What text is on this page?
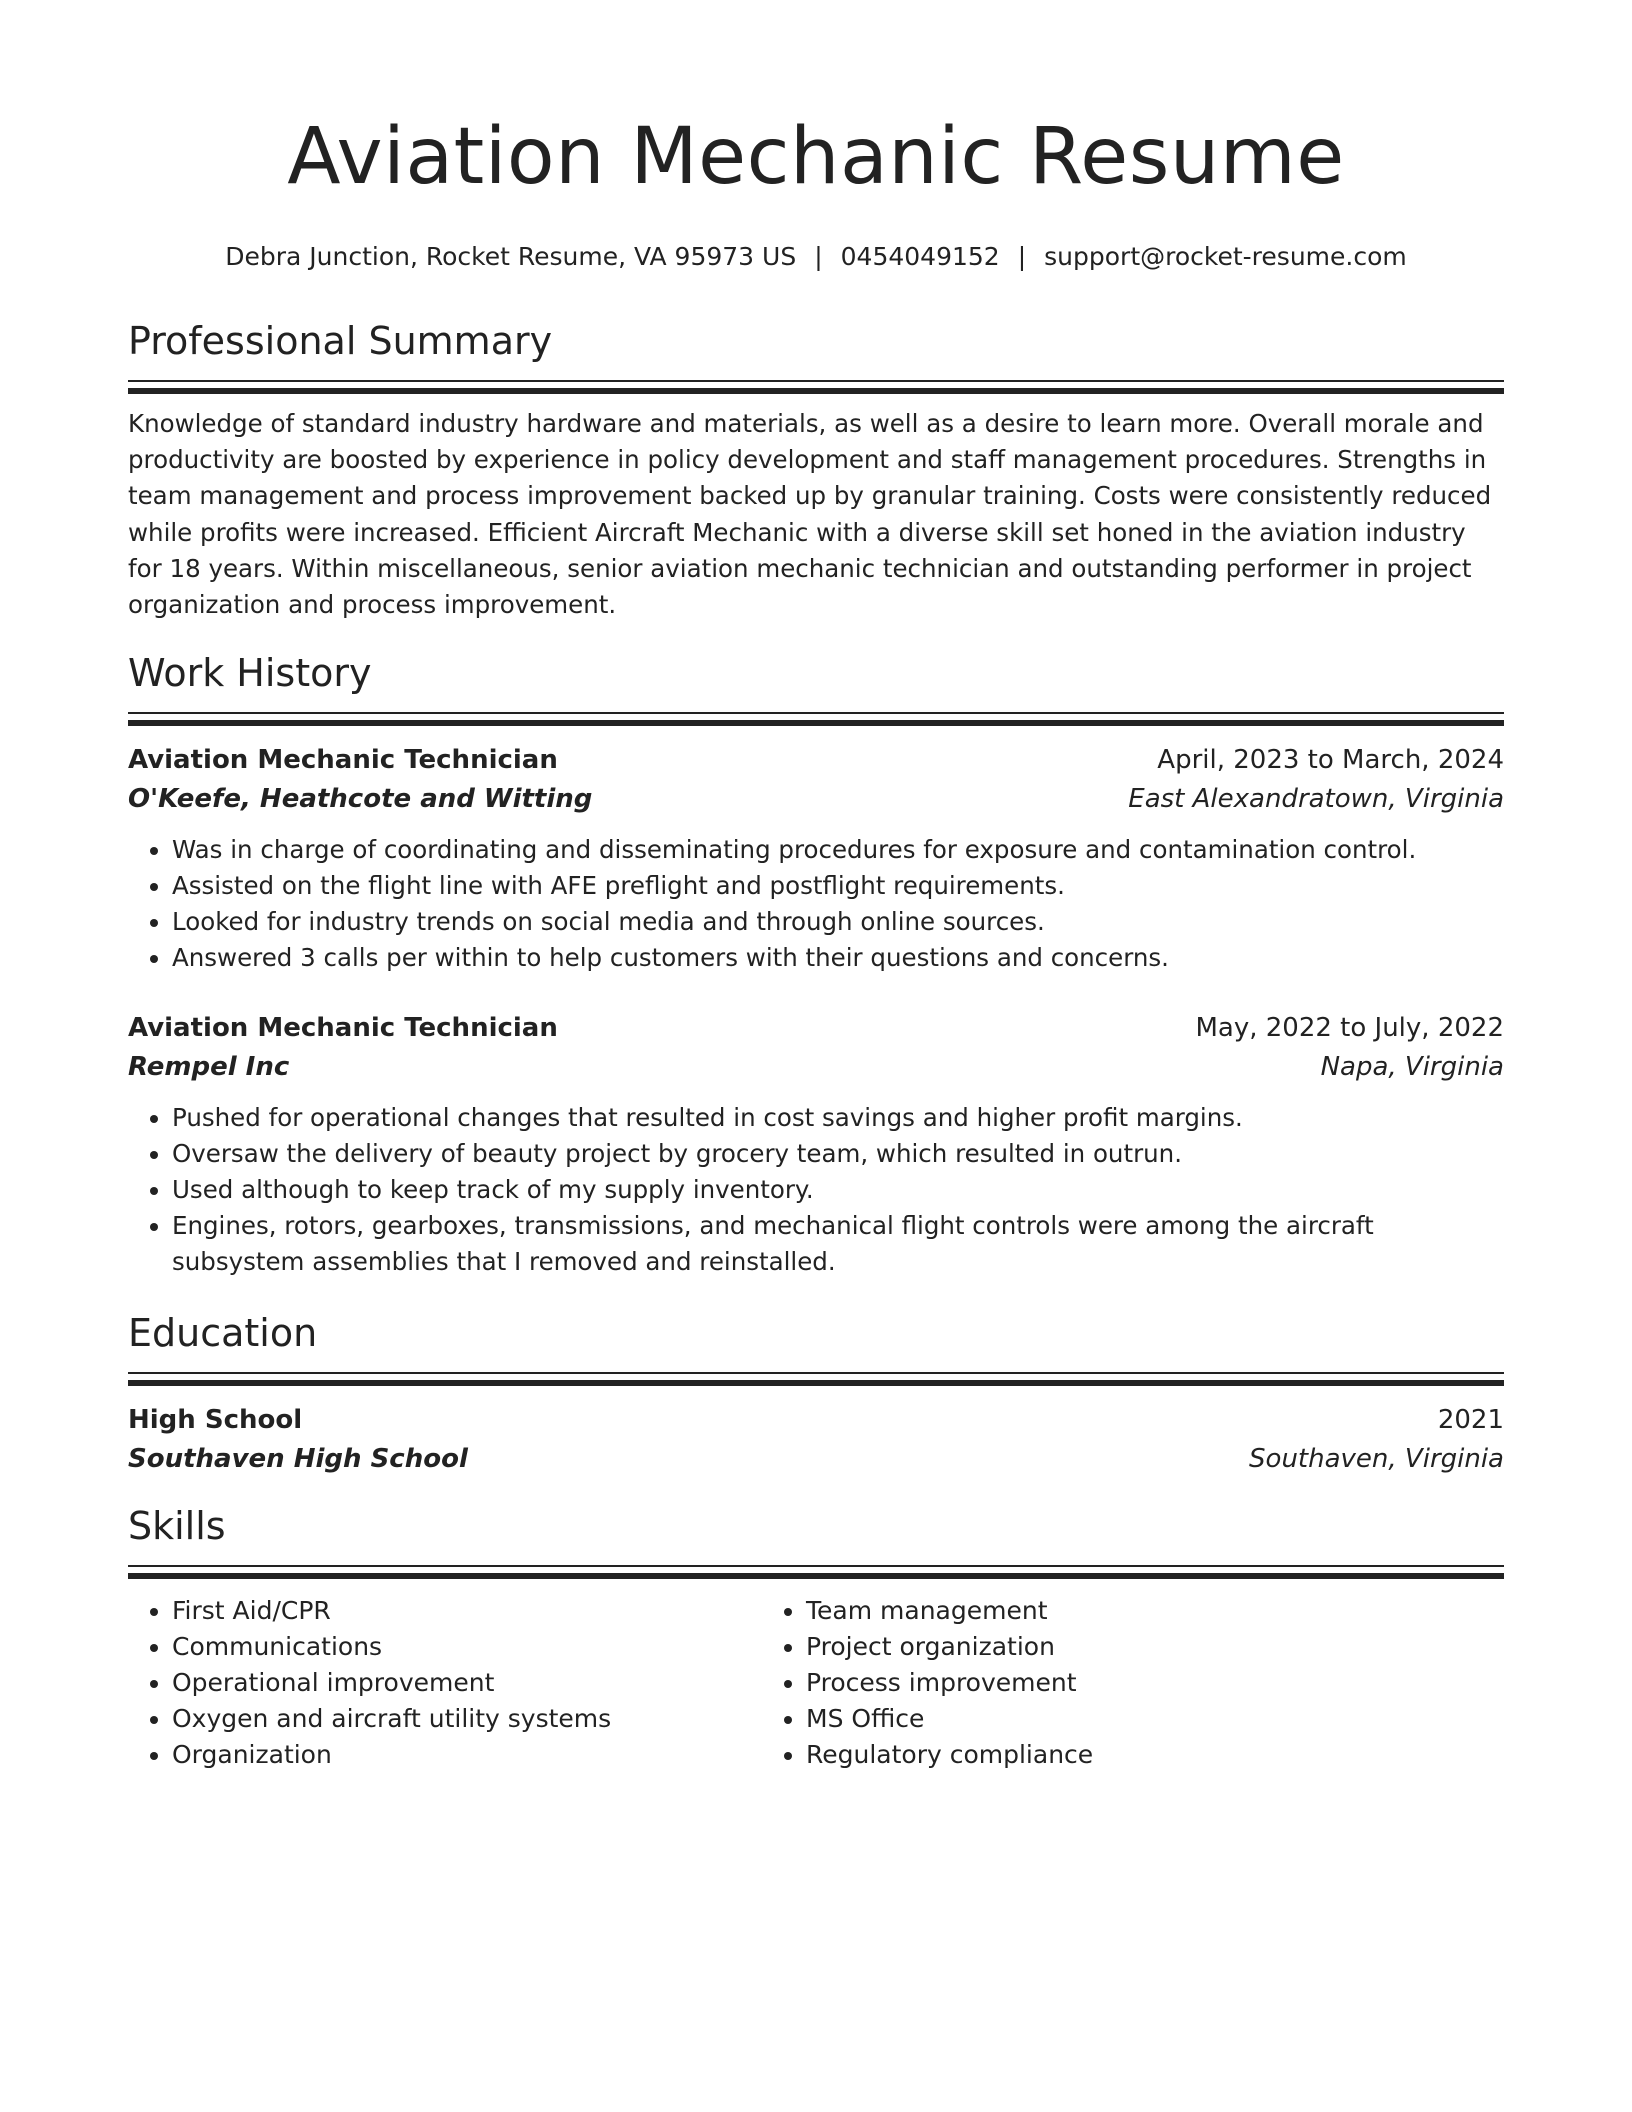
Aviation Mechanic Resume
Debra Junction, Rocket Resume, VA 95973 US | 0454049152 | support@rocket-resume.com
Professional Summary

Knowledge of standard industry hardware and materials, as well as a desire to learn more. Overall morale and productivity are boosted by experience in policy development and staff management procedures. Strengths in team management and process improvement backed up by granular training. Costs were consistently reduced while profits were increased. Efficient Aircraft Mechanic with a diverse skill set honed in the aviation industry for 18 years. Within miscellaneous, senior aviation mechanic technician and outstanding performer in project organization and process improvement.

Work History
Aviation Mechanic Technician	April, 2023 to March, 2024
O'Keefe, Heathcote and Witting	East Alexandratown, Virginia
• Was in charge of coordinating and disseminating procedures for exposure and contamination control.
• Assisted on the flight line with AFE preflight and postflight requirements.
• Looked for industry trends on social media and through online sources.
• Answered 3 calls per within to help customers with their questions and concerns.
Aviation Mechanic Technician	May, 2022 to July, 2022
Rempel Inc	Napa, Virginia
• Pushed for operational changes that resulted in cost savings and higher profit margins.
• Oversaw the delivery of beauty project by grocery team, which resulted in outrun.
• Used although to keep track of my supply inventory.
• Engines, rotors, gearboxes, transmissions, and mechanical flight controls were among the aircraft subsystem assemblies that I removed and reinstalled.
Education
High School	2021
Southaven High School	Southaven, Virginia
Skills
• First Aid/CPR
• Communications
• Operational improvement
• Oxygen and aircraft utility systems
• Organization
• Team management
• Project organization
• Process improvement
• MS Office
• Regulatory compliance
